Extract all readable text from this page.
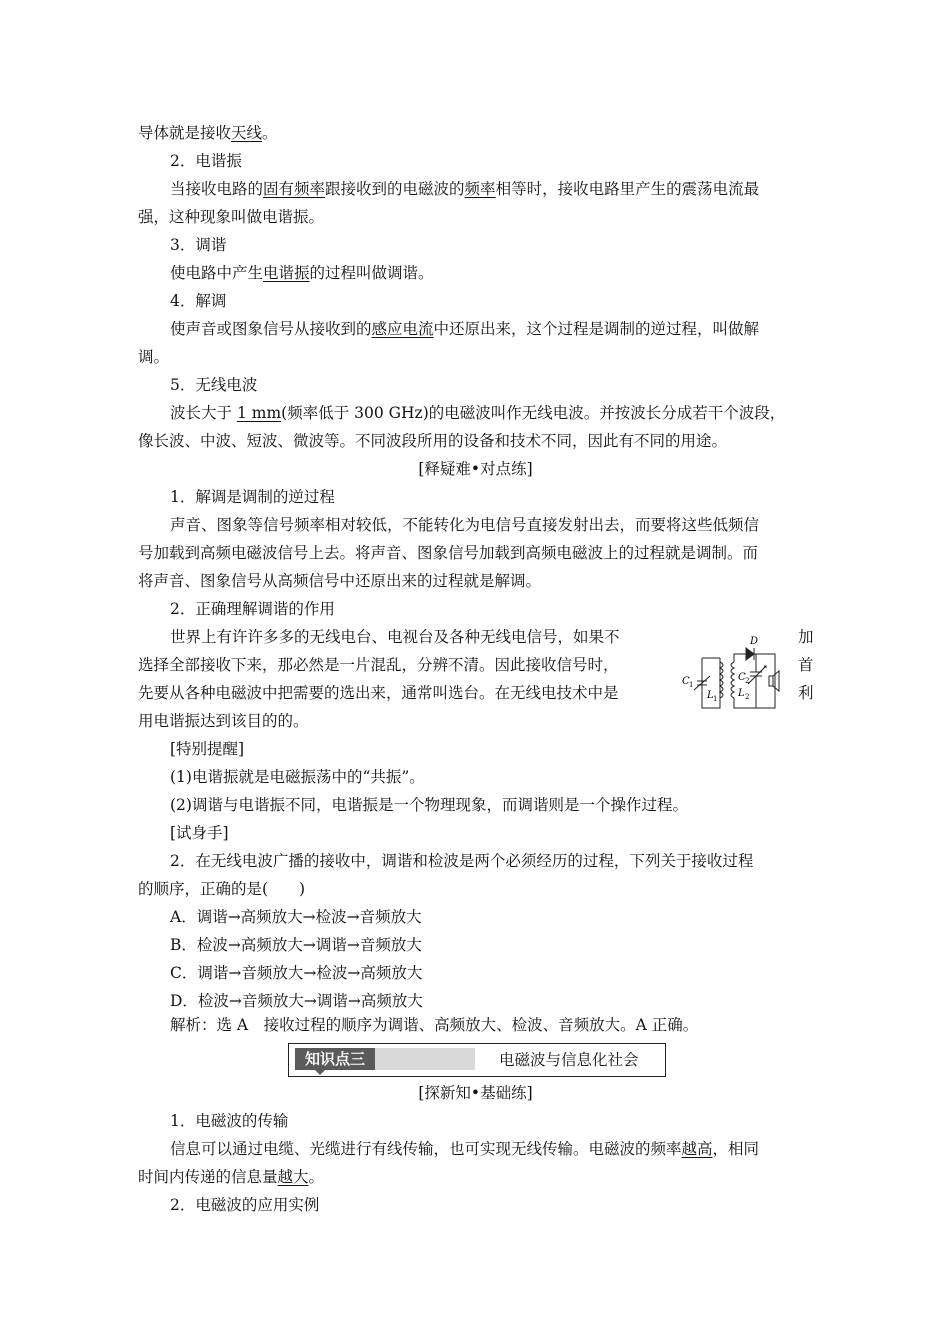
导体就是接收天线。
2．电谐振
当接收电路的固有频率跟接收到的电磁波的频率相等时，接收电路里产生的震荡电流最
强，这种现象叫做电谐振。
3．调谐
使电路中产生电谐振的过程叫做调谐。
4．解调
使声音或图象信号从接收到的感应电流中还原出来，这个过程是调制的逆过程，叫做解
调。
5．无线电波
波长大于 1 mm(频率低于 300 GHz)的电磁波叫作无线电波。并按波长分成若干个波段，
像长波、中波、短波、微波等。不同波段所用的设备和技术不同，因此有不同的用途。
[释疑难•对点练]
1．解调是调制的逆过程
声音、图象等信号频率相对较低，不能转化为电信号直接发射出去，而要将这些低频信
号加载到高频电磁波信号上去。将声音、图象信号加载到高频电磁波上的过程就是调制。而
将声音、图象信号从高频信号中还原出来的过程就是解调。
2．正确理解调谐的作用
世界上有许许多多的无线电台、电视台及各种无线电信号，如果不	加
选择全部接收下来，那必然是一片混乱，分辨不清。因此接收信号时，	首
先要从各种电磁波中把需要的选出来，通常叫选台。在无线电技术中是	利
用电谐振达到该目的的。
D
C 1
L 1
C 2
L 2
[特别提醒]
(1)电谐振就是电磁振荡中的“共振”。
(2)调谐与电谐振不同，电谐振是一个物理现象，而调谐则是一个操作过程。
[试身手]
2．在无线电波广播的接收中，调谐和检波是两个必须经历的过程，下列关于接收过程
的顺序，正确的是(　　)
A．调谐→高频放大→检波→音频放大
B．检波→高频放大→调谐→音频放大
C．调谐→音频放大→检波→高频放大
D．检波→音频放大→调谐→高频放大
解析：选 A　接收过程的顺序为调谐、高频放大、检波、音频放大。A 正确。
知识点三	电磁波与信息化社会
[探新知•基础练]
1．电磁波的传输
信息可以通过电缆、光缆进行有线传输，也可实现无线传输。电磁波的频率越高，相同
时间内传递的信息量越大。
2．电磁波的应用实例
